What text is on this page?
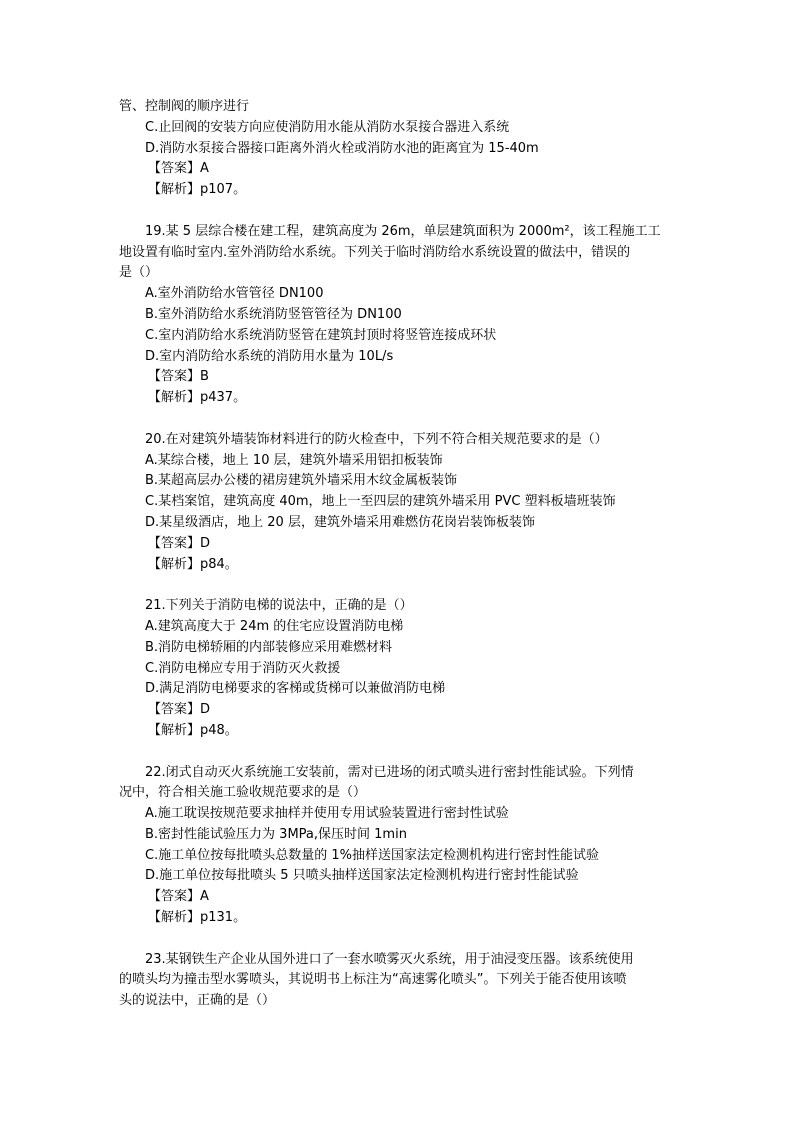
管、控制阀的顺序进行
C.止回阀的安装方向应使消防用水能从消防水泵接合器进入系统
D.消防水泵接合器接口距离外消火栓或消防水池的距离宜为 15-40m
【答案】A
【解析】p107。
19.某 5 层综合楼在建工程，建筑高度为 26m，单层建筑面积为 2000m²，该工程施工工
地设置有临时室内.室外消防给水系统。下列关于临时消防给水系统设置的做法中，错误的
是（）
A.室外消防给水管管径 DN100
B.室外消防给水系统消防竖管管径为 DN100
C.室内消防给水系统消防竖管在建筑封顶时将竖管连接成环状
D.室内消防给水系统的消防用水量为 10L/s
【答案】B
【解析】p437。
20.在对建筑外墙装饰材料进行的防火检查中，下列不符合相关规范要求的是（）
A.某综合楼，地上 10 层，建筑外墙采用铝扣板装饰
B.某超高层办公楼的裙房建筑外墙采用木纹金属板装饰
C.某档案馆，建筑高度 40m，地上一至四层的建筑外墙采用 PVC 塑料板墙班装饰
D.某星级酒店，地上 20 层，建筑外墙采用难燃仿花岗岩装饰板装饰
【答案】D
【解析】p84。
21.下列关于消防电梯的说法中，正确的是（）
A.建筑高度大于 24m 的住宅应设置消防电梯
B.消防电梯轿厢的内部装修应采用难燃材料
C.消防电梯应专用于消防灭火救援
D.满足消防电梯要求的客梯或货梯可以兼做消防电梯
【答案】D
【解析】p48。
22.闭式自动灭火系统施工安装前，需对已进场的闭式喷头进行密封性能试验。下列情
况中，符合相关施工验收规范要求的是（）
A.施工耽误按规范要求抽样并使用专用试验装置进行密封性试验
B.密封性能试验压力为 3MPa,保压时间 1min
C.施工单位按每批喷头总数量的 1%抽样送国家法定检测机构进行密封性能试验
D.施工单位按每批喷头 5 只喷头抽样送国家法定检测机构进行密封性能试验
【答案】A
【解析】p131。
23.某钢铁生产企业从国外进口了一套水喷雾灭火系统，用于油浸变压器。该系统使用
的喷头均为撞击型水雾喷头，其说明书上标注为“高速雾化喷头”。下列关于能否使用该喷
头的说法中，正确的是（）
